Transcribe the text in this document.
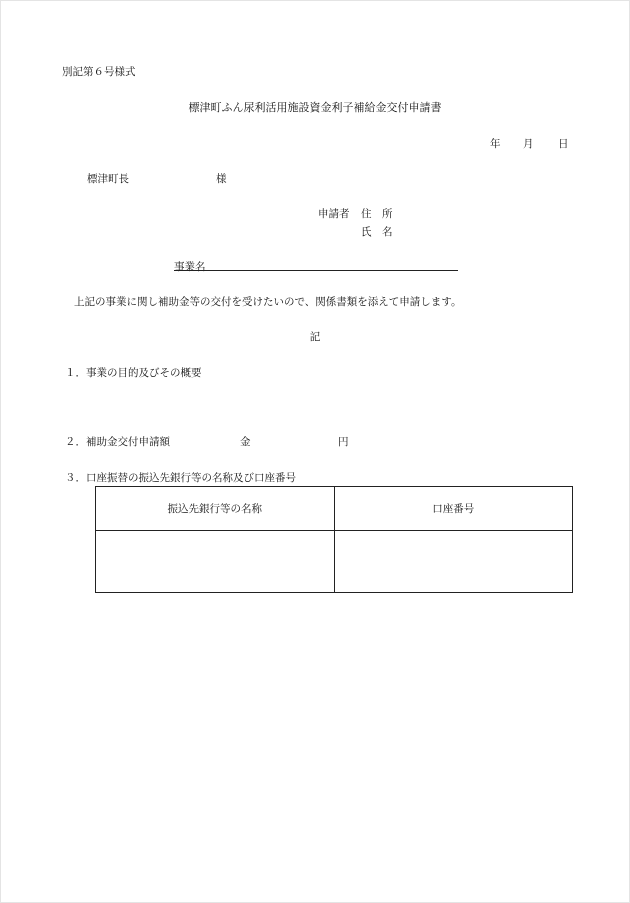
別記第６号様式
標津町ふん尿利活用施設資金利子補給金交付申請書
年 月 日
標津町長	様
申請者 住　所
氏　名
事業名
上記の事業に関し補助金等の交付を受けたいので、関係書類を添えて申請します。
記
１．事業の目的及びその概要
２．補助金交付申請額	金	円
３．口座振替の振込先銀行等の名称及び口座番号
振込先銀行等の名称	口座番号
